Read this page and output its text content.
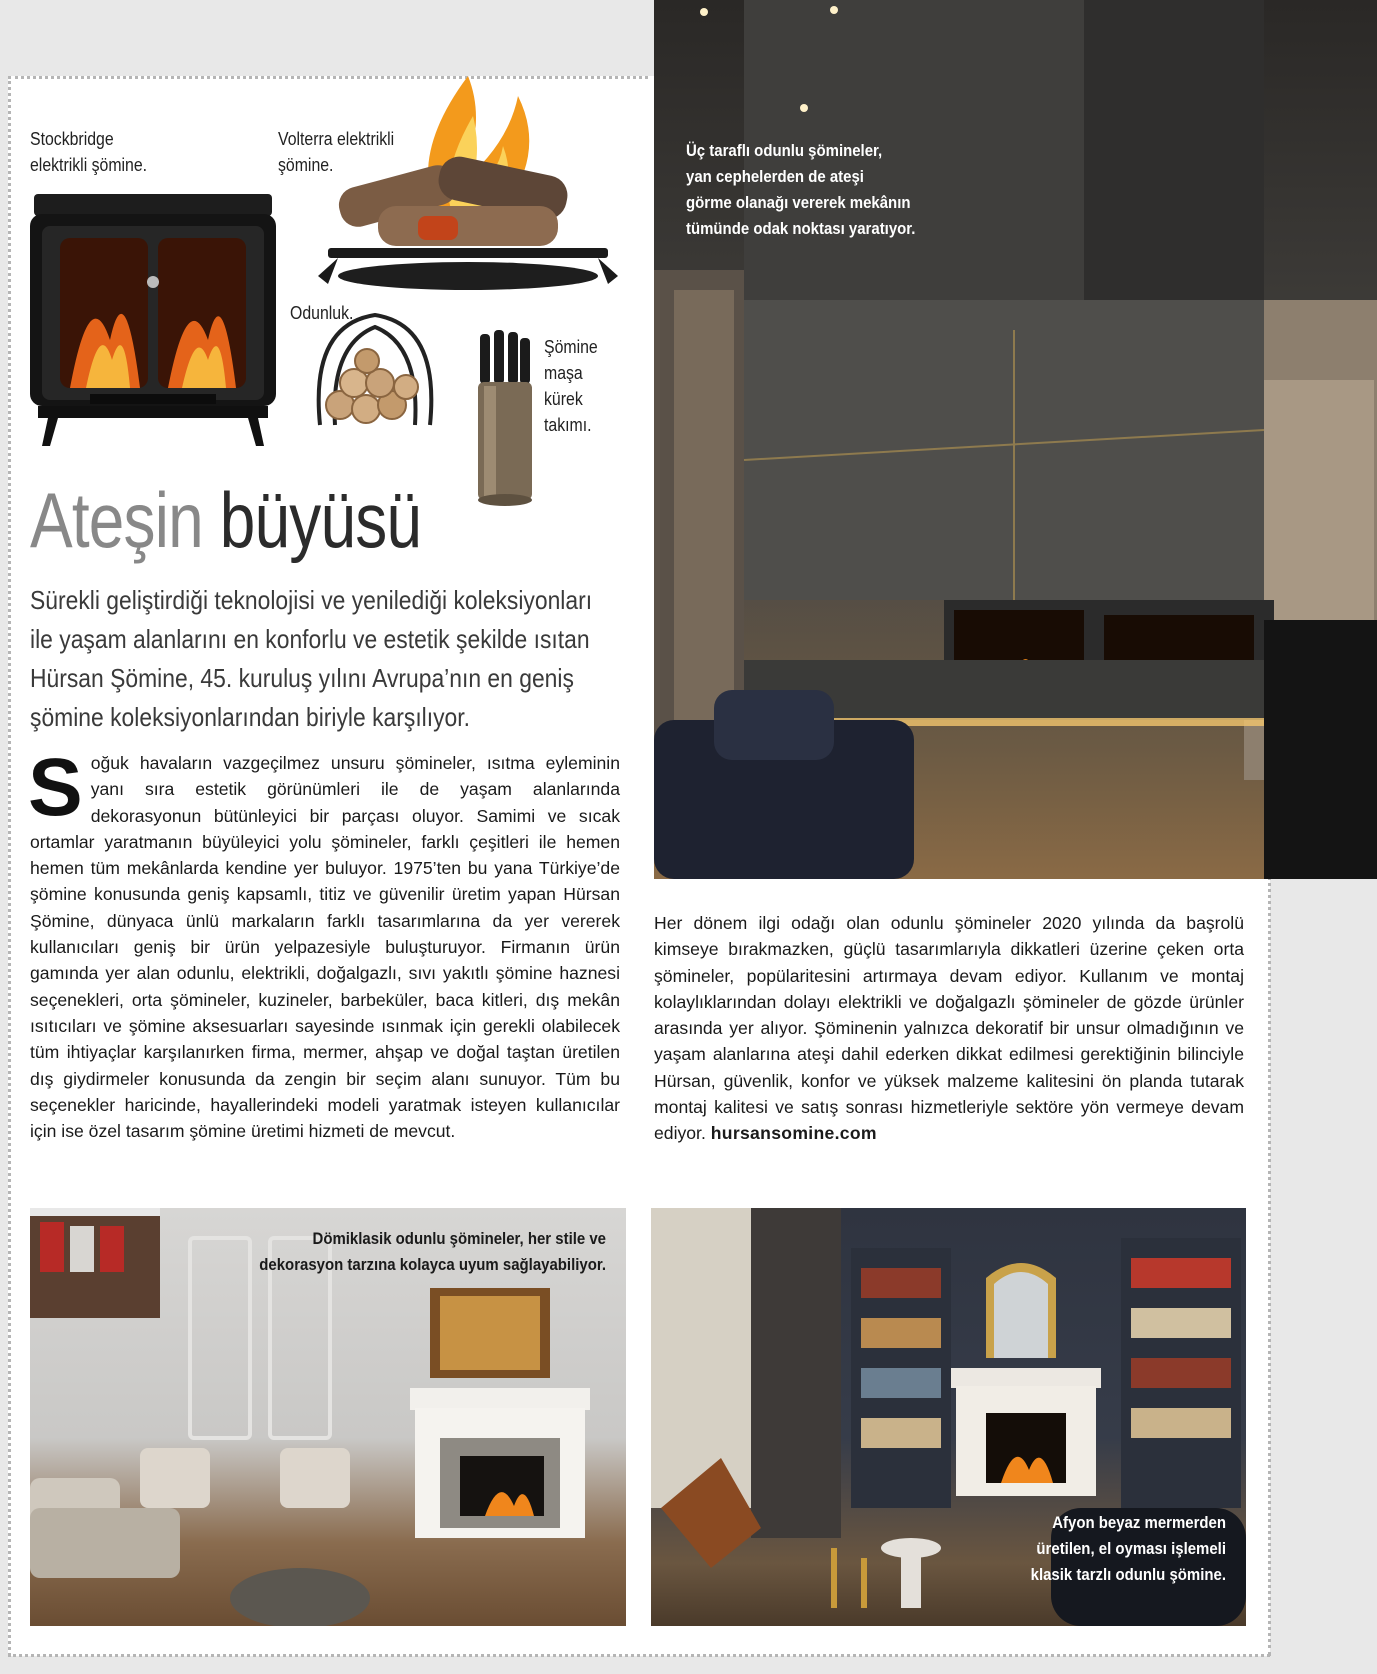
Stockbridge
elektrikli şömine.
Volterra elektrikli
şömine.
Odunluk.
Şömine
maşa
kürek
takımı.
Ateşin büyüsü
Sürekli geliştirdiği teknolojisi ve yenilediği koleksiyonları ile yaşam alanlarını en konforlu ve estetik şekilde ısıtan Hürsan Şömine, 45. kuruluş yılını Avrupa’nın en geniş şömine koleksiyonlarından biriyle karşılıyor.
Soğuk havaların vazgeçilmez unsuru şömineler, ısıtma eyleminin yanı sıra estetik görünümleri ile de yaşam alanlarında dekorasyonun bütünleyici bir parçası oluyor. Samimi ve sıcak ortamlar yaratmanın büyüleyici yolu şömineler, farklı çeşitleri ile hemen hemen tüm mekânlarda kendine yer buluyor. 1975’ten bu yana Türkiye’de şömine konusunda geniş kapsamlı, titiz ve güvenilir üretim yapan Hürsan Şömine, dünyaca ünlü markaların farklı tasarımlarına da yer vererek kullanıcıları geniş bir ürün yelpazesiyle buluşturuyor. Firmanın ürün gamında yer alan odunlu, elektrikli, doğalgazlı, sıvı yakıtlı şömine haznesi seçenekleri, orta şömineler, kuzineler, barbeküler, baca kitleri, dış mekân ısıtıcıları ve şömine aksesuarları sayesinde ısınmak için gerekli olabilecek tüm ihtiyaçlar karşılanırken firma, mermer, ahşap ve doğal taştan üretilen dış giydirmeler konusunda da zengin bir seçim alanı sunuyor. Tüm bu seçenekler haricinde, hayallerindeki modeli yaratmak isteyen kullanıcılar için ise özel tasarım şömine üretimi hizmeti de mevcut.
Üç taraflı odunlu şömineler,
yan cephelerden de ateşi
görme olanağı vererek mekânın
tümünde odak noktası yaratıyor.
Her dönem ilgi odağı olan odunlu şömineler 2020 yılında da başrolü kimseye bırakmazken, güçlü tasarımlarıyla dikkatleri üzerine çeken orta şömineler, popülaritesini artırmaya devam ediyor. Kullanım ve montaj kolaylıklarından dolayı elektrikli ve doğalgazlı şömineler de gözde ürünler arasında yer alıyor. Şöminenin yalnızca dekoratif bir unsur olmadığının ve yaşam alanlarına ateşi dahil ederken dikkat edilmesi gerektiğinin bilinciyle Hürsan, güvenlik, konfor ve yüksek malzeme kalitesini ön planda tutarak montaj kalitesi ve satış sonrası hizmetleriyle sektöre yön vermeye devam ediyor. hursansomine.com
Dömiklasik odunlu şömineler, her stile ve
dekorasyon tarzına kolayca uyum sağlayabiliyor.
Afyon beyaz mermerden
üretilen, el oyması işlemeli
klasik tarzlı odunlu şömine.
